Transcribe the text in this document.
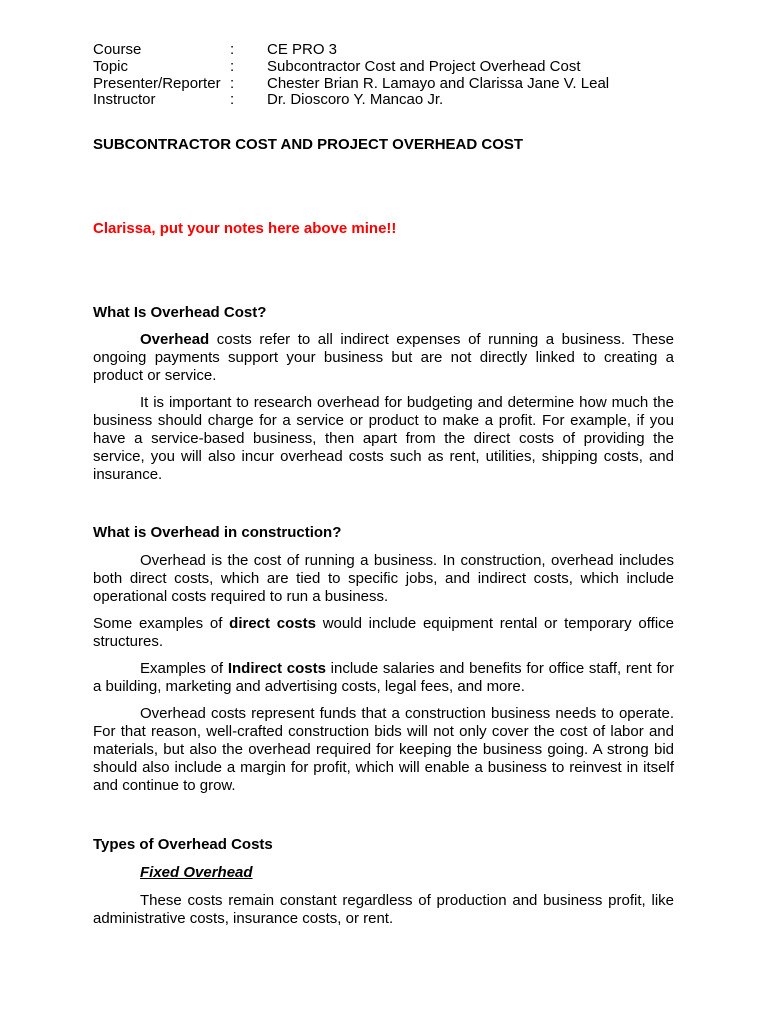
Course	:	CE PRO 3
Topic	:	Subcontractor Cost and Project Overhead Cost
Presenter/Reporter :	Chester Brian R. Lamayo and Clarissa Jane V. Leal
Instructor	:	Dr. Dioscoro Y. Mancao Jr.
SUBCONTRACTOR COST AND PROJECT OVERHEAD COST
Clarissa, put your notes here above mine!!
What Is Overhead Cost?

Overhead costs refer to all indirect expenses of running a business. These ongoing payments support your business but are not directly linked to creating a product or service.

It is important to research overhead for budgeting and determine how much the business should charge for a service or product to make a profit. For example, if you have a service-based business, then apart from the direct costs of providing the service, you will also incur overhead costs such as rent, utilities, shipping costs, and insurance.

What is Overhead in construction?

Overhead is the cost of running a business. In construction, overhead includes both direct costs, which are tied to specific jobs, and indirect costs, which include operational costs required to run a business.

Some examples of direct costs would include equipment rental or temporary office structures.

Examples of Indirect costs include salaries and benefits for office staff, rent for a building, marketing and advertising costs, legal fees, and more.

Overhead costs represent funds that a construction business needs to operate. For that reason, well-crafted construction bids will not only cover the cost of labor and materials, but also the overhead required for keeping the business going. A strong bid should also include a margin for profit, which will enable a business to reinvest in itself and continue to grow.

Types of Overhead Costs
Fixed Overhead

These costs remain constant regardless of production and business profit, like administrative costs, insurance costs, or rent.
